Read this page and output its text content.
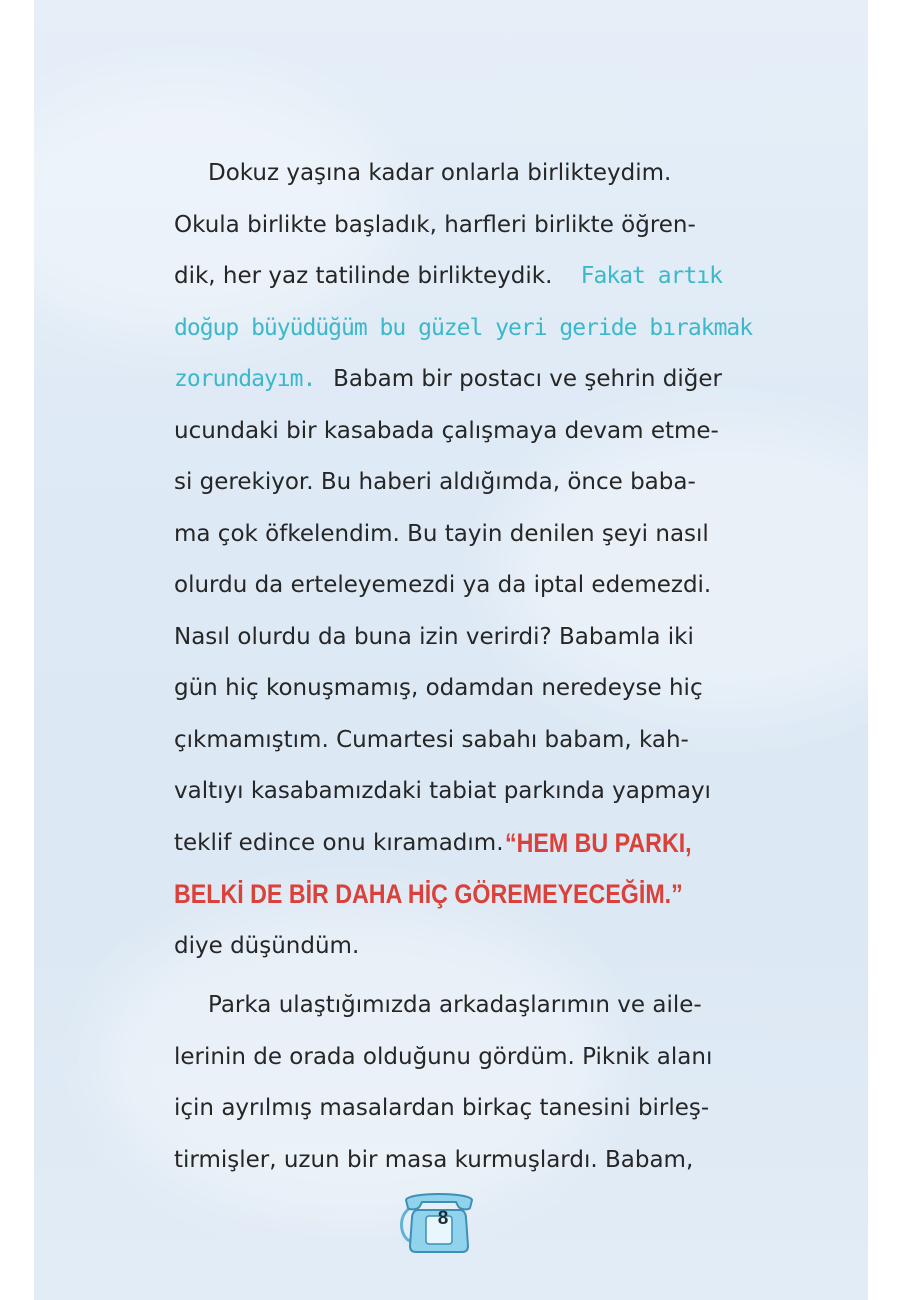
Dokuz yaşına kadar onlarla birlikteydim.
Okula birlikte başladık, harfleri birlikte öğren-
dik, her yaz tatilinde birlikteydik. Fakat artık
doğup büyüdüğüm bu güzel yeri geride bırakmak
zorundayım. Babam bir postacı ve şehrin diğer
ucundaki bir kasabada çalışmaya devam etme-
si gerekiyor. Bu haberi aldığımda, önce baba-
ma çok öfkelendim. Bu tayin denilen şeyi nasıl
olurdu da erteleyemezdi ya da iptal edemezdi.
Nasıl olurdu da buna izin verirdi? Babamla iki
gün hiç konuşmamış, odamdan neredeyse hiç
çıkmamıştım. Cumartesi sabahı babam, kah-
valtıyı kasabamızdaki tabiat parkında yapmayı
teklif edince onu kıramadım. “HEM BU PARKI,
BELKİ DE BİR DAHA HİÇ GÖREMEYECEĞİM.”
diye düşündüm.
Parka ulaştığımızda arkadaşlarımın ve aile-
lerinin de orada olduğunu gördüm. Piknik alanı
için ayrılmış masalardan birkaç tanesini birleş-
tirmişler, uzun bir masa kurmuşlardı. Babam,
8
